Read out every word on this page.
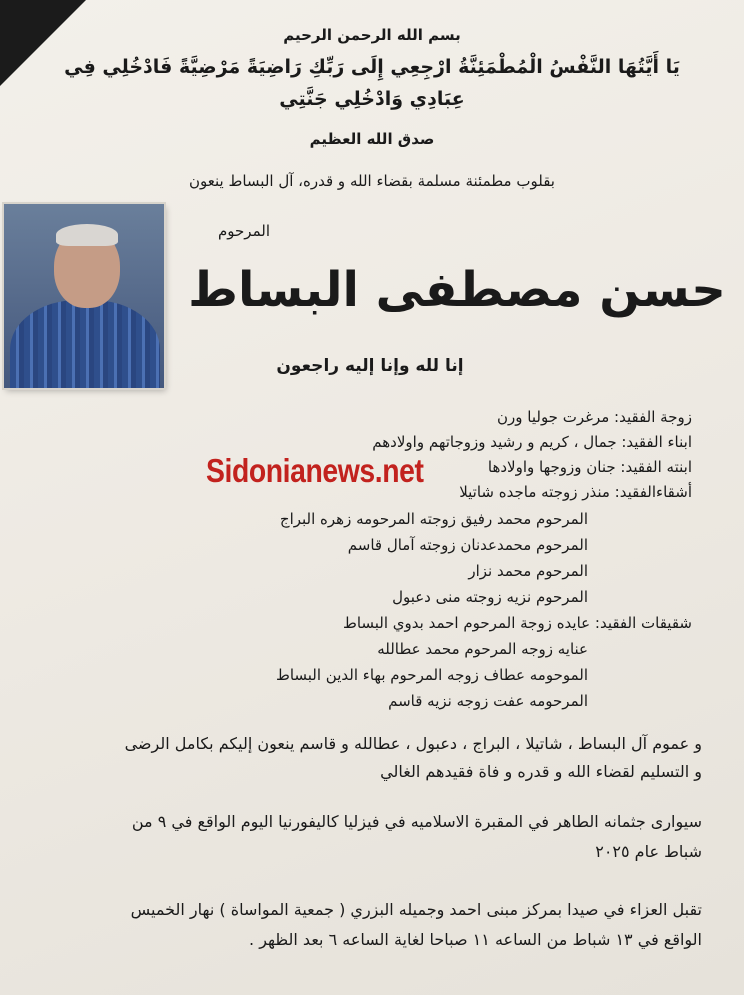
بسم الله الرحمن الرحيم
يَا أَيَّتُهَا النَّفْسُ الْمُطْمَئِنَّةُ ارْجِعِي إِلَى رَبِّكِ رَاضِيَةً مَرْضِيَّةً فَادْخُلِي فِي
عِبَادِي وَادْخُلِي جَنَّتِي
صدق الله العظيم
بقلوب مطمئنة مسلمة بقضاء الله و قدره، آل البساط ينعون
المرحوم
حسن مصطفى البساط
إنا لله وإنا إليه راجعون
زوجة الفقيد: مرغرت جوليا ورن
ابناء الفقيد: جمال ، كريم و رشيد وزوجاتهم واولادهم
ابنته الفقيد: جنان وزوجها واولادها
أشقاءالفقيد: منذر زوجته ماجده شاتيلا
Sidonianews.net
المرحوم محمد رفيق زوجته المرحومه زهره البراج
المرحوم محمدعدنان زوجته آمال قاسم
المرحوم محمد نزار
المرحوم نزيه زوجته منى دعبول
شقيقات الفقيد: عايده زوجة المرحوم احمد بدوي البساط
عنايه زوجه المرحوم محمد عطالله
الموحومه عطاف زوجه المرحوم بهاء الدين البساط
المرحومه عفت زوجه نزيه قاسم
و عموم آل البساط ، شاتيلا ، البراج ، دعبول ، عطالله و قاسم ينعون إليكم بكامل الرضى
و التسليم لقضاء الله و قدره و فاة فقيدهم الغالي
سيوارى جثمانه الطاهر في المقبرة الاسلاميه في فيزليا كاليفورنيا اليوم الواقع في ٩ من
شباط عام ٢٠٢٥
تقبل العزاء في صيدا بمركز مبنى احمد وجميله البزري ( جمعية المواساة ) نهار الخميس
الواقع في ١٣ شباط من الساعه ١١ صباحا لغاية الساعه ٦ بعد الظهر .
